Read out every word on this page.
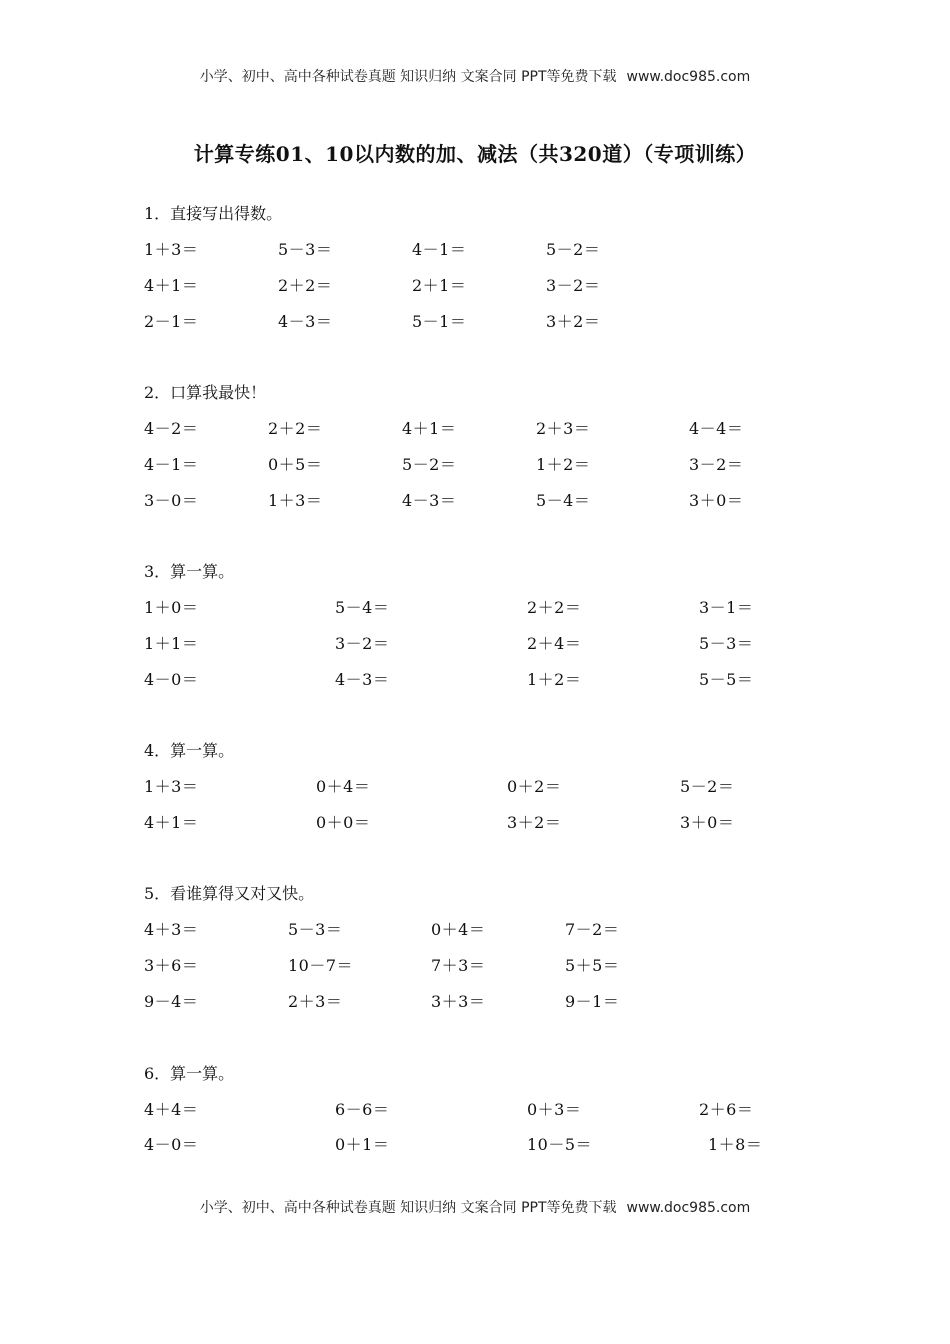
小学、初中、高中各种试卷真题 知识归纳 文案合同 PPT等免费下载 www.doc985.com
计算专练01、10以内数的加、减法（共320道）（专项训练）
1．直接写出得数。
1＋3＝	5－3＝	4－1＝	5－2＝
4＋1＝	2＋2＝	2＋1＝	3－2＝
2－1＝	4－3＝	5－1＝	3＋2＝
2．口算我最快！
4－2＝	2＋2＝	4＋1＝	2＋3＝	4－4＝
4－1＝	0＋5＝	5－2＝	1＋2＝	3－2＝
3－0＝	1＋3＝	4－3＝	5－4＝	3＋0＝
3．算一算。
1＋0＝	5－4＝	2＋2＝	3－1＝
1＋1＝	3－2＝	2＋4＝	5－3＝
4－0＝	4－3＝	1＋2＝	5－5＝
4．算一算。
1＋3＝	0＋4＝	0＋2＝	5－2＝
4＋1＝	0＋0＝	3＋2＝	3＋0＝
5．看谁算得又对又快。
4＋3＝	5－3＝	0＋4＝	7－2＝
3＋6＝	10－7＝	7＋3＝	5＋5＝
9－4＝	2＋3＝	3＋3＝	9－1＝
6．算一算。
4＋4＝	6－6＝	0＋3＝	2＋6＝
4－0＝	0＋1＝	10－5＝	1＋8＝
小学、初中、高中各种试卷真题 知识归纳 文案合同 PPT等免费下载 www.doc985.com
